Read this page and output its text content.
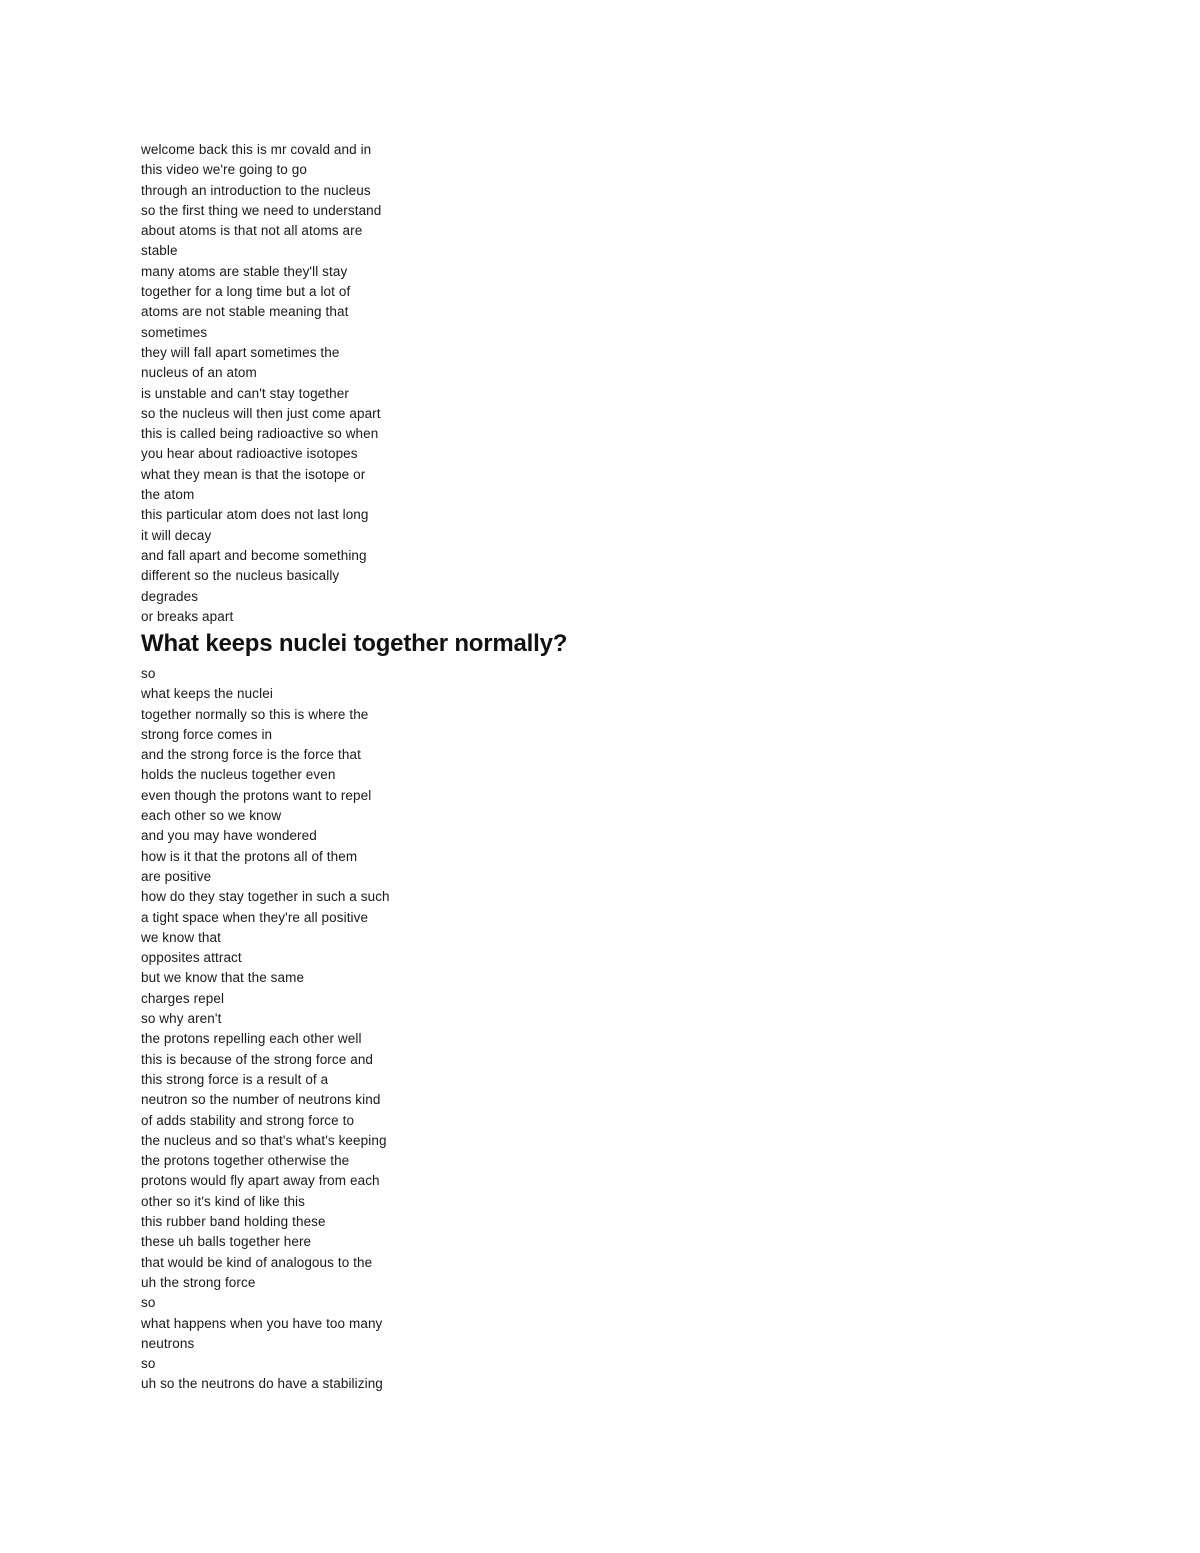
welcome back this is mr covald and in
this video we're going to go
through an introduction to the nucleus
so the first thing we need to understand
about atoms is that not all atoms are
stable
many atoms are stable they'll stay
together for a long time but a lot of
atoms are not stable meaning that
sometimes
they will fall apart sometimes the
nucleus of an atom
is unstable and can't stay together
so the nucleus will then just come apart
this is called being radioactive so when
you hear about radioactive isotopes
what they mean is that the isotope or
the atom
this particular atom does not last long
it will decay
and fall apart and become something
different so the nucleus basically
degrades
or breaks apart
What keeps nuclei together normally?
so
what keeps the nuclei
together normally so this is where the
strong force comes in
and the strong force is the force that
holds the nucleus together even
even though the protons want to repel
each other so we know
and you may have wondered
how is it that the protons all of them
are positive
how do they stay together in such a such
a tight space when they're all positive
we know that
opposites attract
but we know that the same
charges repel
so why aren't
the protons repelling each other well
this is because of the strong force and
this strong force is a result of a
neutron so the number of neutrons kind
of adds stability and strong force to
the nucleus and so that's what's keeping
the protons together otherwise the
protons would fly apart away from each
other so it's kind of like this
this rubber band holding these
these uh balls together here
that would be kind of analogous to the
uh the strong force
so
what happens when you have too many
neutrons
so
uh so the neutrons do have a stabilizing
